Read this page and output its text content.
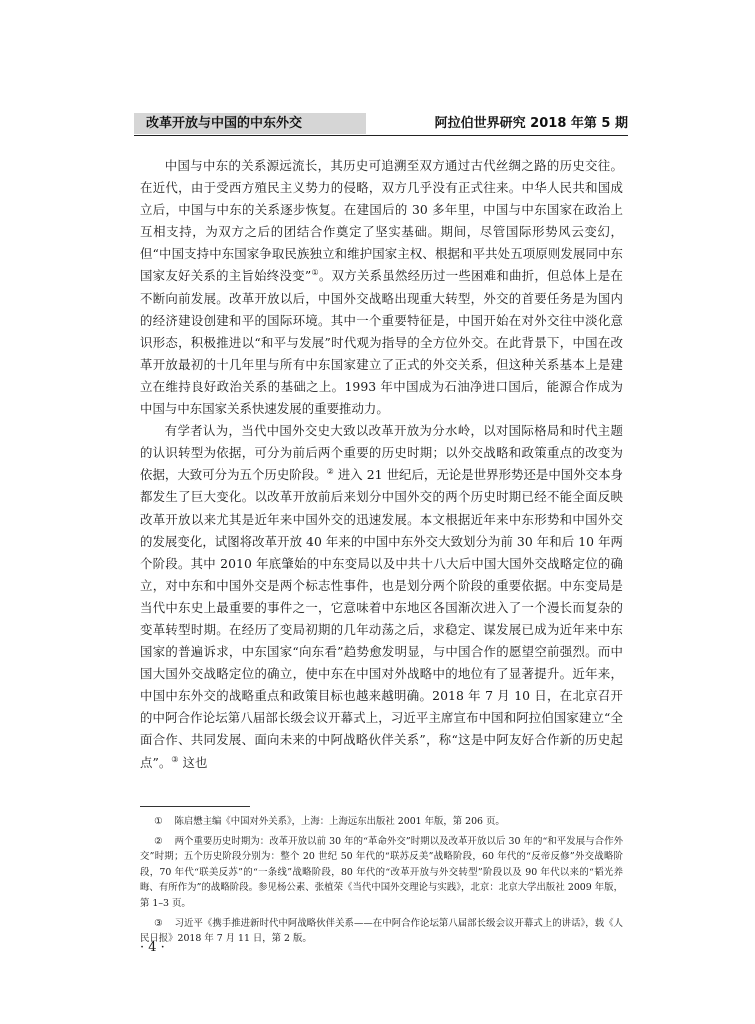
改革开放与中国的中东外交	阿拉伯世界研究 2018 年第 5 期

中国与中东的关系源远流长，其历史可追溯至双方通过古代丝绸之路的历史交往。在近代，由于受西方殖民主义势力的侵略，双方几乎没有正式往来。中华人民共和国成立后，中国与中东的关系逐步恢复。在建国后的 30 多年里，中国与中东国家在政治上互相支持，为双方之后的团结合作奠定了坚实基础。期间，尽管国际形势风云变幻，但“中国支持中东国家争取民族独立和维护国家主权、根据和平共处五项原则发展同中东国家友好关系的主旨始终没变”①。双方关系虽然经历过一些困难和曲折，但总体上是在不断向前发展。改革开放以后，中国外交战略出现重大转型，外交的首要任务是为国内的经济建设创建和平的国际环境。其中一个重要特征是，中国开始在对外交往中淡化意识形态，积极推进以“和平与发展”时代观为指导的全方位外交。在此背景下，中国在改革开放最初的十几年里与所有中东国家建立了正式的外交关系，但这种关系基本上是建立在维持良好政治关系的基础之上。1993 年中国成为石油净进口国后，能源合作成为中国与中东国家关系快速发展的重要推动力。

有学者认为，当代中国外交史大致以改革开放为分水岭，以对国际格局和时代主题的认识转型为依据，可分为前后两个重要的历史时期；以外交战略和政策重点的改变为依据，大致可分为五个历史阶段。② 进入 21 世纪后，无论是世界形势还是中国外交本身都发生了巨大变化。以改革开放前后来划分中国外交的两个历史时期已经不能全面反映改革开放以来尤其是近年来中国外交的迅速发展。本文根据近年来中东形势和中国外交的发展变化，试图将改革开放 40 年来的中国中东外交大致划分为前 30 年和后 10 年两个阶段。其中 2010 年底肇始的中东变局以及中共十八大后中国大国外交战略定位的确立，对中东和中国外交是两个标志性事件，也是划分两个阶段的重要依据。中东变局是当代中东史上最重要的事件之一，它意味着中东地区各国渐次进入了一个漫长而复杂的变革转型时期。在经历了变局初期的几年动荡之后，求稳定、谋发展已成为近年来中东国家的普遍诉求，中东国家“向东看”趋势愈发明显，与中国合作的愿望空前强烈。而中国大国外交战略定位的确立，使中东在中国对外战略中的地位有了显著提升。近年来，中国中东外交的战略重点和政策目标也越来越明确。2018 年 7 月 10 日，在北京召开的中阿合作论坛第八届部长级会议开幕式上，习近平主席宣布中国和阿拉伯国家建立“全面合作、共同发展、面向未来的中阿战略伙伴关系”，称“这是中阿友好合作新的历史起点”。③ 这也

① 陈启懋主编《中国对外关系》，上海：上海远东出版社 2001 年版，第 206 页。

② 两个重要历史时期为：改革开放以前 30 年的“革命外交”时期以及改革开放以后 30 年的“和平发展与合作外交”时期；五个历史阶段分别为：整个 20 世纪 50 年代的“联苏反美”战略阶段，60 年代的“反帝反修”外交战略阶段，70 年代“联美反苏”的“一条线”战略阶段，80 年代的“改革开放与外交转型”阶段以及 90 年代以来的“韬光养晦、有所作为”的战略阶段。参见杨公素、张植荣《当代中国外交理论与实践》，北京：北京大学出版社 2009 年版，第 1–3 页。

③ 习近平《携手推进新时代中阿战略伙伴关系——在中阿合作论坛第八届部长级会议开幕式上的讲话》，载《人民日报》2018 年 7 月 11 日，第 2 版。

· 4 ·
